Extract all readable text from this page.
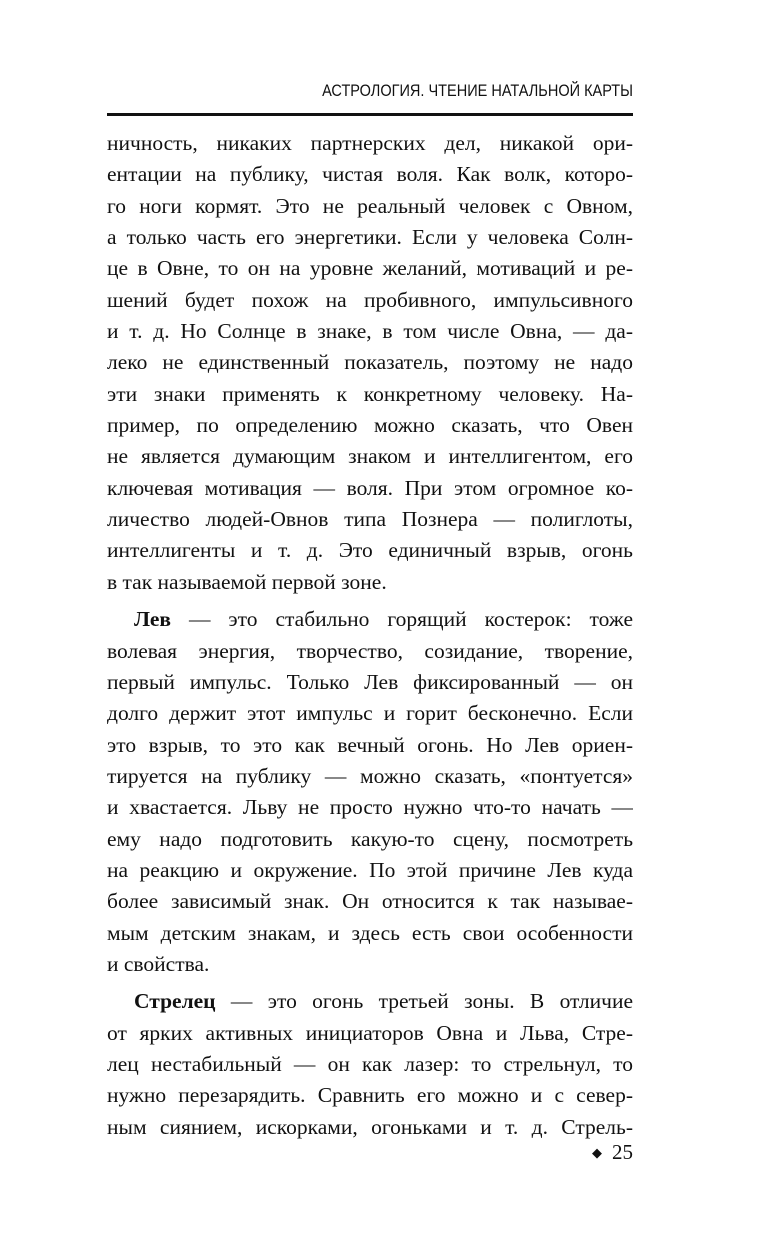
АСТРОЛОГИЯ. ЧТЕНИЕ НАТАЛЬНОЙ КАРТЫ
ничность, никаких партнерских дел, никакой ори-
ентации на публику, чистая воля. Как волк, которо-
го ноги кормят. Это не реальный человек с Овном,
а только часть его энергетики. Если у человека Солн-
це в Овне, то он на уровне желаний, мотиваций и ре-
шений будет похож на пробивного, импульсивного
и т. д. Но Солнце в знаке, в том числе Овна, — да-
леко не единственный показатель, поэтому не надо
эти знаки применять к конкретному человеку. На-
пример, по определению можно сказать, что Овен
не является думающим знаком и интеллигентом, его
ключевая мотивация — воля. При этом огромное ко-
личество людей-Овнов типа Познера — полиглоты,
интеллигенты и т. д. Это единичный взрыв, огонь
в так называемой первой зоне.
Лев — это стабильно горящий костерок: тоже
волевая энергия, творчество, созидание, творение,
первый импульс. Только Лев фиксированный — он
долго держит этот импульс и горит бесконечно. Если
это взрыв, то это как вечный огонь. Но Лев ориен-
тируется на публику — можно сказать, «понтуется»
и хвастается. Льву не просто нужно что-то начать —
ему надо подготовить какую-то сцену, посмотреть
на реакцию и окружение. По этой причине Лев куда
более зависимый знак. Он относится к так называе-
мым детским знакам, и здесь есть свои особенности
и свойства.
Стрелец — это огонь третьей зоны. В отличие
от ярких активных инициаторов Овна и Льва, Стре-
лец нестабильный — он как лазер: то стрельнул, то
нужно перезарядить. Сравнить его можно и с север-
ным сиянием, искорками, огоньками и т. д. Стрель-
◆ 25
